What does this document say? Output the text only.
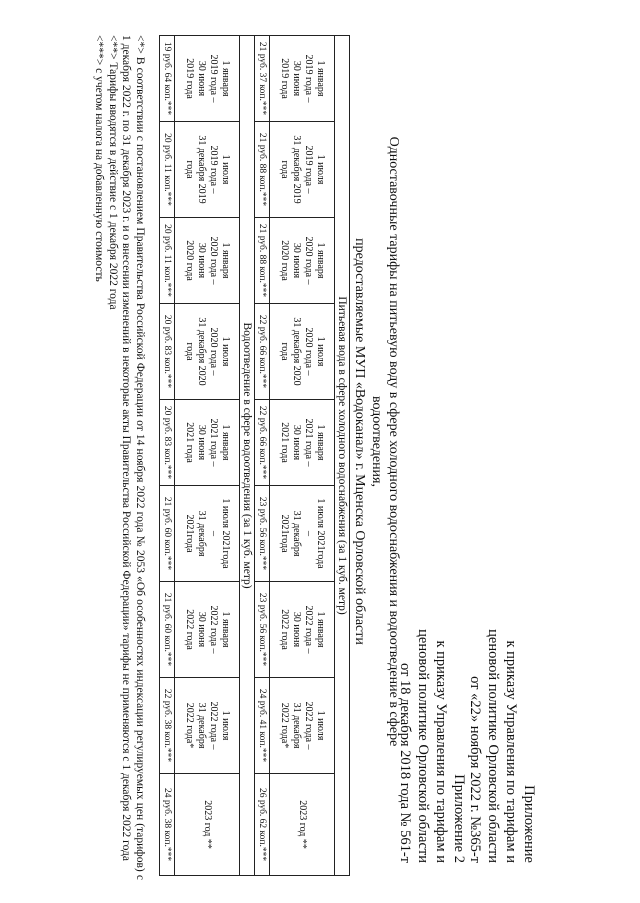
Приложение
к приказу Управления по тарифам и
ценовой политике Орловской области
от «22» ноября 2022 г. №365-т
Приложение 2
к приказу Управления по тарифам и
ценовой политике Орловской области
от 18 декабря 2018 года № 561-т
Одноставочные тарифы на питьевую воду в сфере холодного водоснабжения и водоотведение в сфере водоотведения,
предоставляемые МУП «Водоканал» г. Мценска Орловской области
Питьевая вода в сфере холодного водоснабжения (за 1 куб. метр)								

1 января
2019 года –
30 июня
2019 года	1 июля
2019 года –
31 декабря 2019
года	1 января
2020 года –
30 июня
2020 года	1 июля
2020 года –
31 декабря 2020
года	1 января
2021 года –
30 июня
2021 года	1 июля 2021года
–
31 декабря
2021года	1 января
2022 года –
30 июня
2022 года	1 июля
2022 года –
31 декабря
2022 года*	2023 год **

21 руб. 37 коп.***	21 руб. 88 коп.***	21 руб. 88 коп.***	22 руб. 66 коп.***	22 руб. 66 коп.***	23 руб. 56 коп.***	23 руб. 56 коп.***	24 руб. 41 коп.***	26 руб. 62 коп.***
Водоотведение в сфере водоотведения (за 1 куб. метр)								

1 января
2019 года –
30 июня
2019 года	1 июля
2019 года –
31 декабря 2019
года	1 января
2020 года –
30 июня
2020 года	1 июля
2020 года –
31 декабря 2020
года	1 января
2021 года –
30 июня
2021 года	1 июля 2021года
–
31 декабря
2021года	1 января
2022 года –
30 июня
2022 года	1 июля
2022 года –
31 декабря
2022 года*	2023 год **

19 руб. 64 коп.***	20 руб. 11 коп.***	20 руб. 11 коп.***	20 руб. 83 коп.***	20 руб. 83 коп.***	21 руб. 60 коп.***	21 руб. 60 коп.***	22 руб. 38 коп.***	24 руб. 38 коп.***
<*> В соответствии с постановлением Правительства Российской Федерации от 14 ноября 2022 года № 2053 «Об особенностях индексации регулируемых цен (тарифов) с 1 декабря 2022 г. по 31 декабря 2023 г. и о внесении изменений в некоторые акты Правительства Российской Федерации» тарифы не применяются с 1 декабря 2022 года
<**> Тарифы вводятся в действие с 1 декабря 2022 года
<***> с учетом налога на добавленную стоимость
